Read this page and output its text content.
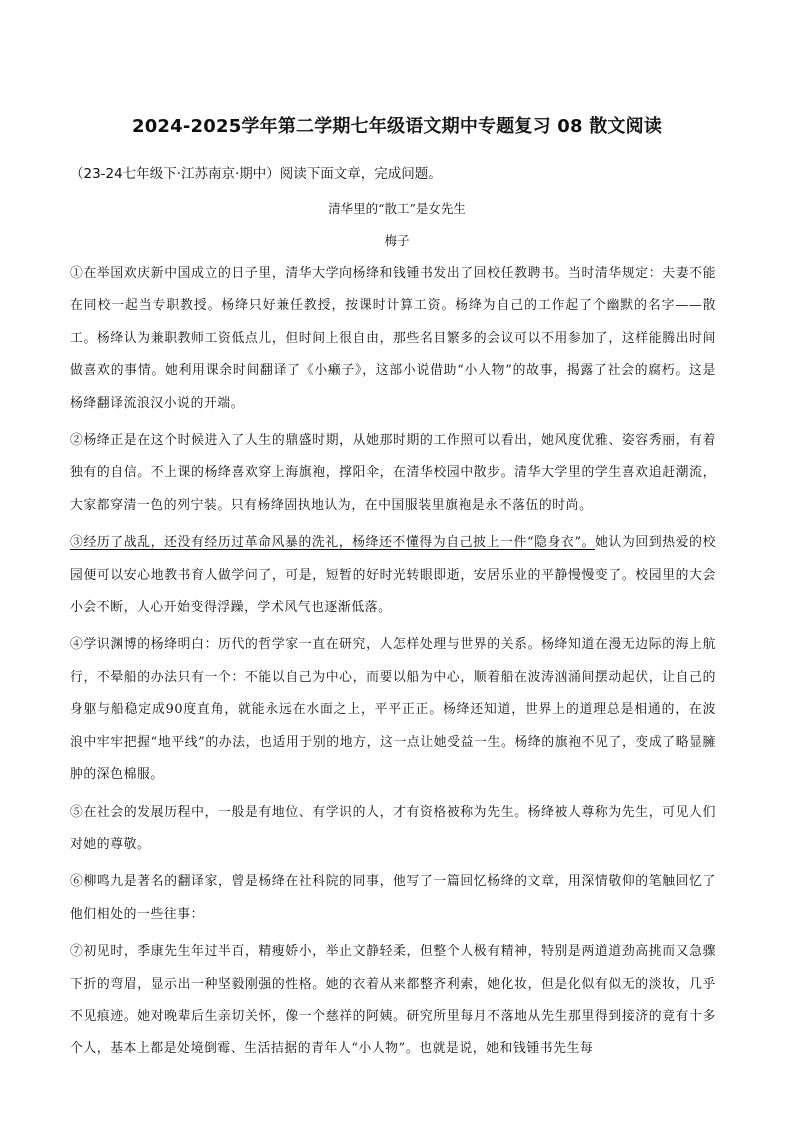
2024-2025学年第二学期七年级语文期中专题复习 08 散文阅读
（23-24七年级下·江苏南京·期中）阅读下面文章，完成问题。
清华里的“散工”是女先生
梅子

①在举国欢庆新中国成立的日子里，清华大学向杨绛和钱锺书发出了回校任教聘书。当时清华规定：夫妻不能在同校一起当专职教授。杨绛只好兼任教授，按课时计算工资。杨绛为自己的工作起了个幽默的名字——散工。杨绛认为兼职教师工资低点儿，但时间上很自由，那些名目繁多的会议可以不用参加了，这样能腾出时间做喜欢的事情。她利用课余时间翻译了《小癞子》，这部小说借助“小人物”的故事，揭露了社会的腐朽。这是杨绛翻译流浪汉小说的开端。

②杨绛正是在这个时候进入了人生的鼎盛时期，从她那时期的工作照可以看出，她风度优雅、姿容秀丽，有着独有的自信。不上课的杨绛喜欢穿上海旗袍，撑阳伞，在清华校园中散步。清华大学里的学生喜欢追赶潮流，大家都穿清一色的列宁装。只有杨绛固执地认为，在中国服装里旗袍是永不落伍的时尚。

③经历了战乱，还没有经历过革命风暴的洗礼，杨绛还不懂得为自己披上一件“隐身衣”。她认为回到热爱的校园便可以安心地教书育人做学问了，可是，短暂的好时光转眼即逝，安居乐业的平静慢慢变了。校园里的大会小会不断，人心开始变得浮躁，学术风气也逐渐低落。

④学识渊博的杨绛明白：历代的哲学家一直在研究，人怎样处理与世界的关系。杨绛知道在漫无边际的海上航行，不晕船的办法只有一个：不能以自己为中心，而要以船为中心，顺着船在波涛汹涌间摆动起伏，让自己的身躯与船稳定成90度直角，就能永远在水面之上，平平正正。杨绛还知道，世界上的道理总是相通的，在波浪中牢牢把握“地平线”的办法，也适用于别的地方，这一点让她受益一生。杨绛的旗袍不见了，变成了略显臃肿的深色棉服。

⑤在社会的发展历程中，一般是有地位、有学识的人，才有资格被称为先生。杨绛被人尊称为先生，可见人们对她的尊敬。

⑥柳鸣九是著名的翻译家，曾是杨绛在社科院的同事，他写了一篇回忆杨绛的文章，用深情敬仰的笔触回忆了他们相处的一些往事：

⑦初见时，季康先生年过半百，精瘦娇小，举止文静轻柔，但整个人极有精神，特别是两道道劲高挑而又急骤下折的弯眉，显示出一种坚毅刚强的性格。她的衣着从来都整齐利索，她化妆，但是化似有似无的淡妆，几乎不见痕迹。她对晚辈后生亲切关怀，像一个慈祥的阿姨。研究所里每月不落地从先生那里得到接济的竟有十多个人，基本上都是处境倒霉、生活拮据的青年人“小人物”。也就是说，她和钱锺书先生每
